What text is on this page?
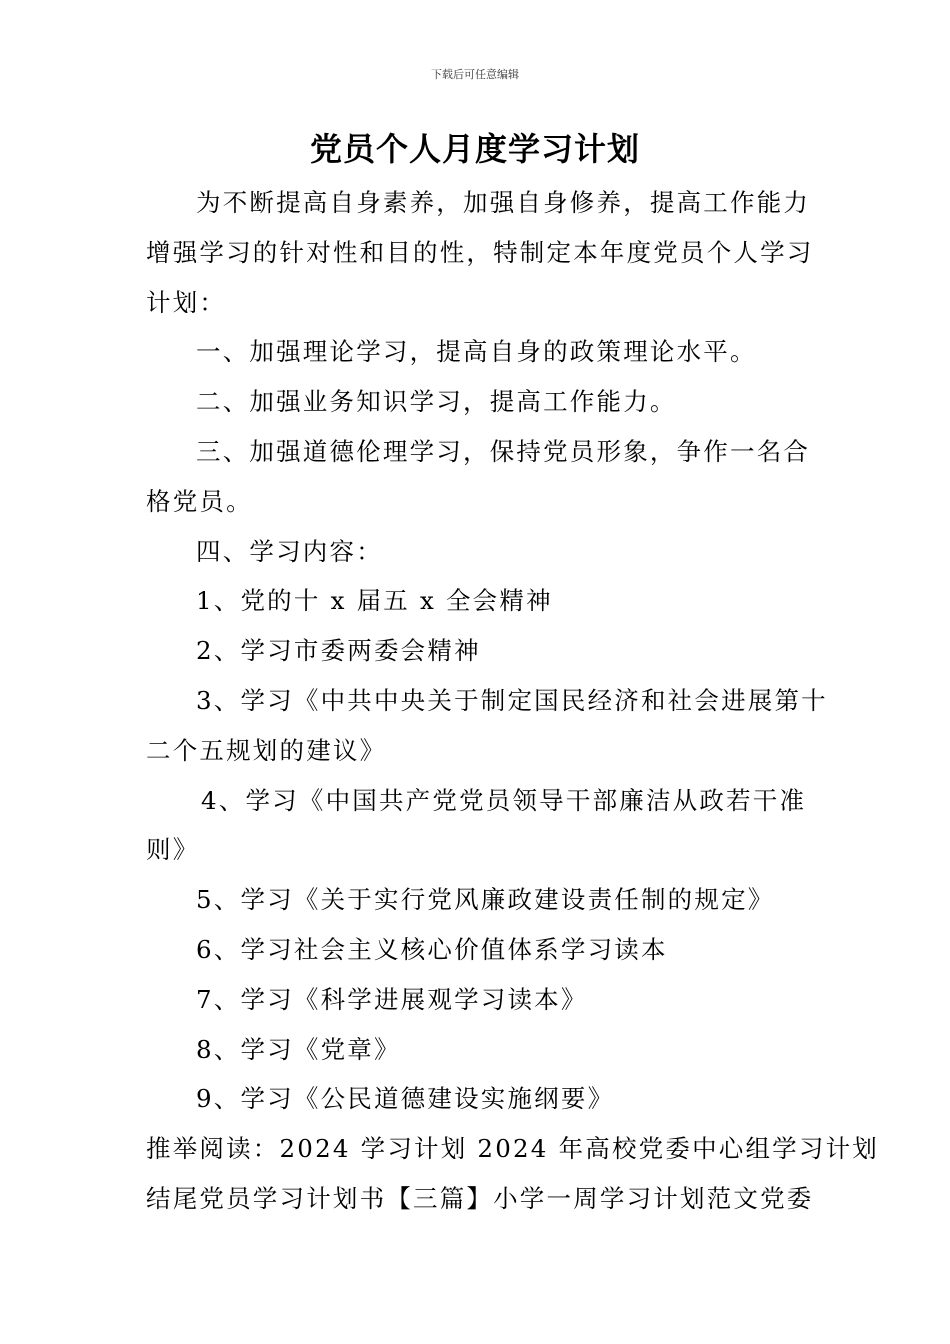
下载后可任意编辑
党员个人月度学习计划

为不断提高自身素养，加强自身修养，提高工作能力

增强学习的针对性和目的性，特制定本年度党员个人学习

计划：

一、加强理论学习，提高自身的政策理论水平。

二、加强业务知识学习，提高工作能力。

三、加强道德伦理学习，保持党员形象，争作一名合

格党员。

四、学习内容：

1、党的十 x 届五 x 全会精神

2、学习市委两委会精神

3、学习《中共中央关于制定国民经济和社会进展第十

二个五规划的建议》

4、学习《中国共产党党员领导干部廉洁从政若干准

则》

5、学习《关于实行党风廉政建设责任制的规定》

6、学习社会主义核心价值体系学习读本

7、学习《科学进展观学习读本》

8、学习《党章》

9、学习《公民道德建设实施纲要》

推举阅读：2024 学习计划 2024 年高校党委中心组学习计划

结尾党员学习计划书【三篇】小学一周学习计划范文党委
